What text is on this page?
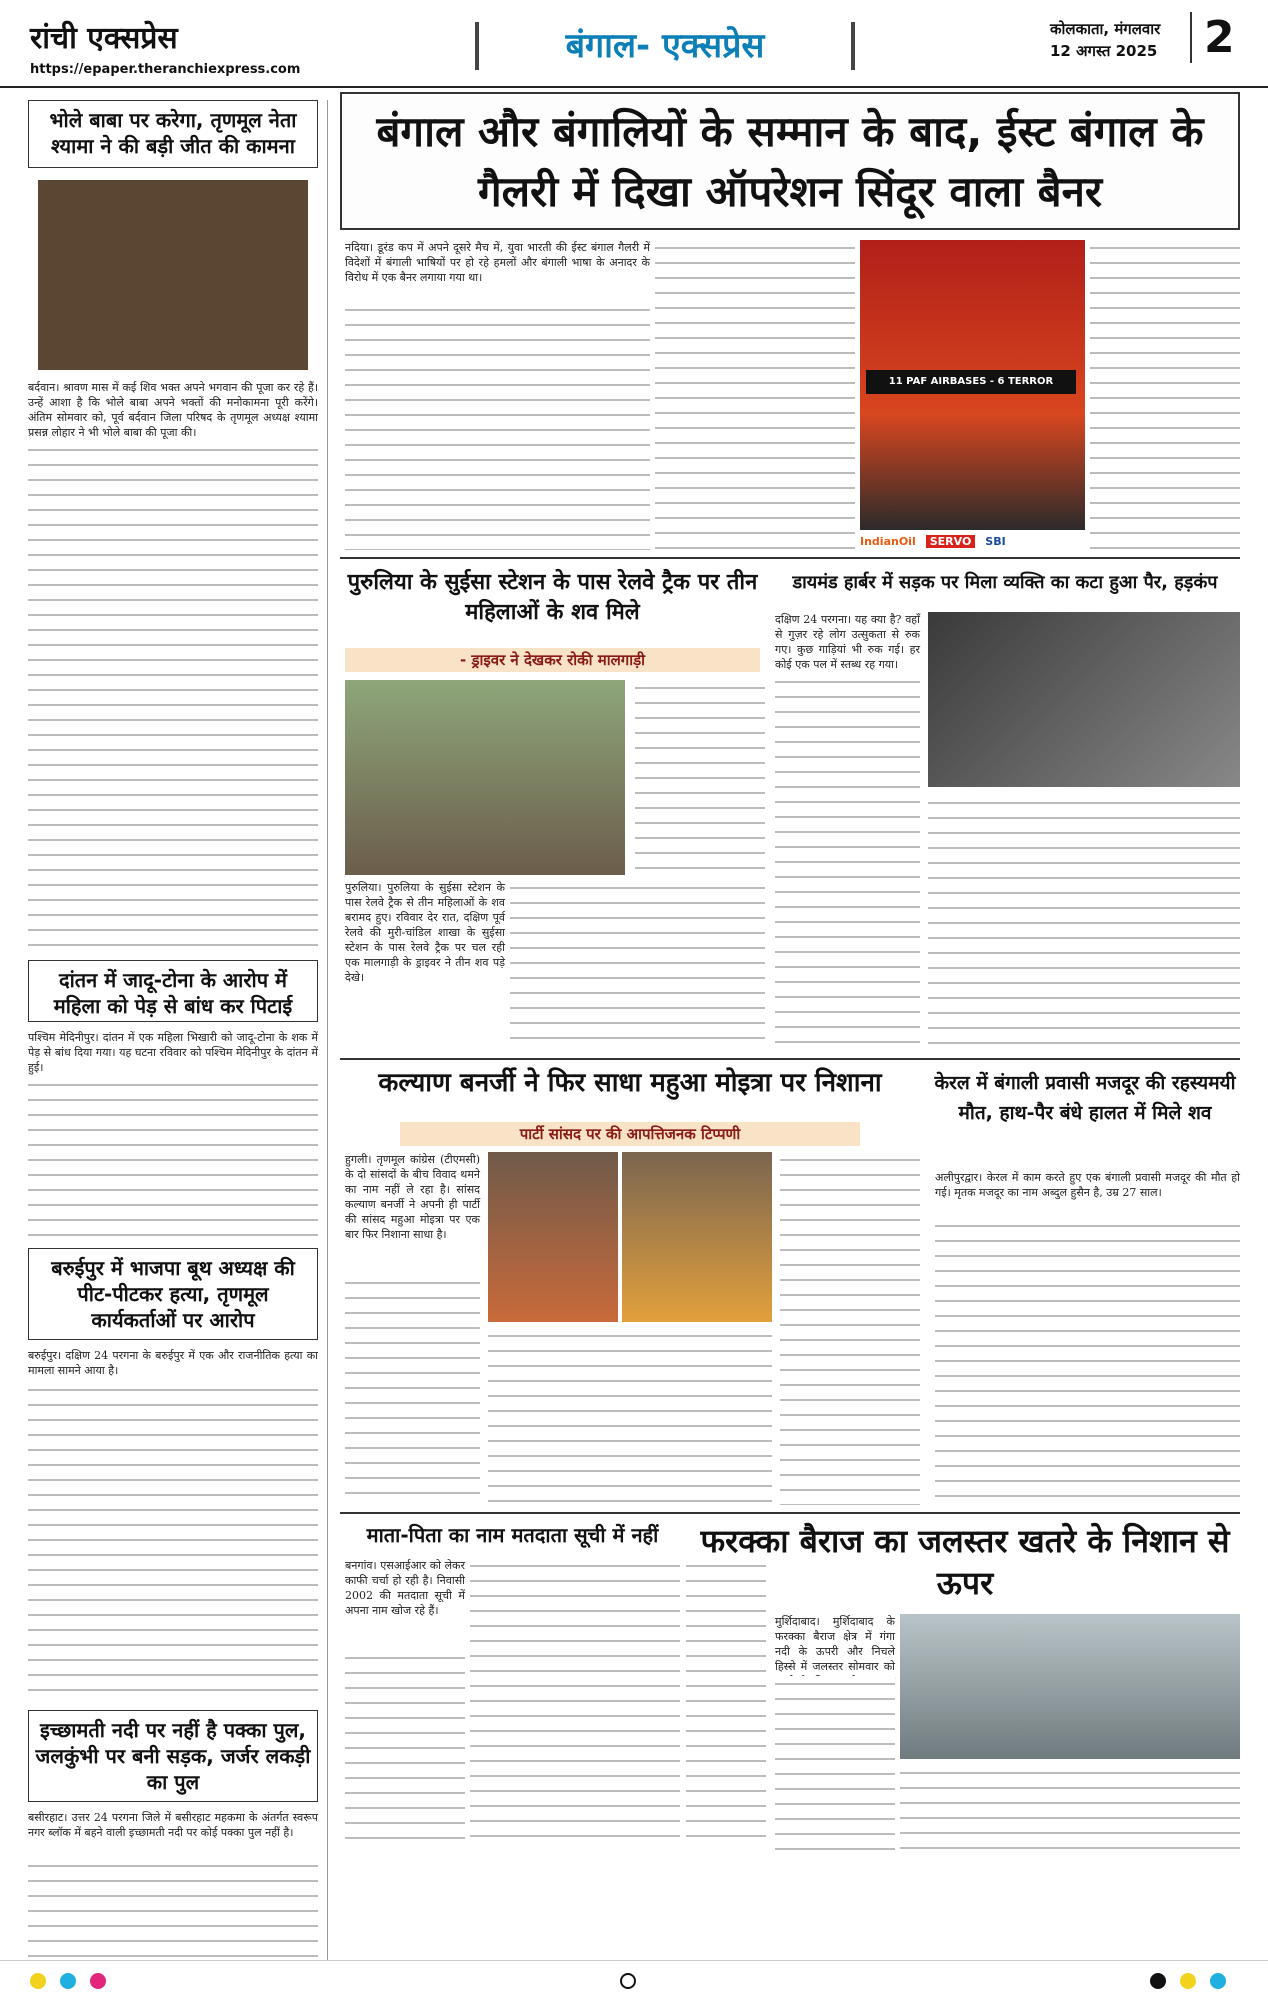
रांची एक्सप्रेस
https://epaper.theranchiexpress.com
बंगाल- एक्सप्रेस	कोलकाता, मंगलवार
12 अगस्त 2025	2
भोले बाबा पर करेगा, तृणमूल नेता श्यामा ने की बड़ी जीत की कामना
बर्दवान। श्रावण मास में कई शिव भक्त अपने भगवान की पूजा कर रहे हैं। उन्हें आशा है कि भोले बाबा अपने भक्तों की मनोकामना पूरी करेंगे। अंतिम सोमवार को, पूर्व बर्दवान जिला परिषद के तृणमूल अध्यक्ष श्यामा प्रसन्न लोहार ने भी भोले बाबा की पूजा की।
दांतन में जादू-टोना के आरोप में महिला को पेड़ से बांध कर पिटाई
पश्चिम मेदिनीपुर। दांतन में एक महिला भिखारी को जादू-टोना के शक में पेड़ से बांध दिया गया। यह घटना रविवार को पश्चिम मेदिनीपुर के दांतन में हुई।
बरुईपुर में भाजपा बूथ अध्यक्ष की पीट-पीटकर हत्या, तृणमूल कार्यकर्ताओं पर आरोप
बरुईपुर। दक्षिण 24 परगना के बरुईपुर में एक और राजनीतिक हत्या का मामला सामने आया है।
इच्छामती नदी पर नहीं है पक्का पुल, जलकुंभी पर बनी सड़क, जर्जर लकड़ी का पुल
बसीरहाट। उत्तर 24 परगना जिले में बसीरहाट महकमा के अंतर्गत स्वरूप नगर ब्लॉक में बहने वाली इच्छामती नदी पर कोई पक्का पुल नहीं है।
बंगाल और बंगालियों के सम्मान के बाद, ईस्ट बंगाल के गैलरी में दिखा ऑपरेशन सिंदूर वाला बैनर
नदिया। डूरंड कप में अपने दूसरे मैच में, युवा भारती की ईस्ट बंगाल गैलरी में विदेशों में बंगाली भाषियों पर हो रहे हमलों और बंगाली भाषा के अनादर के विरोध में एक बैनर लगाया गया था।
11 PAF AIRBASES - 6 TERROR
IndianOil	SERVO	SBI
पुरुलिया के सुईसा स्टेशन के पास रेलवे ट्रैक पर तीन महिलाओं के शव मिले
- ड्राइवर ने देखकर रोकी मालगाड़ी
पुरुलिया। पुरुलिया के सुईसा स्टेशन के पास रेलवे ट्रैक से तीन महिलाओं के शव बरामद हुए। रविवार देर रात, दक्षिण पूर्व रेलवे की मुरी-चांडिल शाखा के सुईसा स्टेशन के पास रेलवे ट्रैक पर चल रही एक मालगाड़ी के ड्राइवर ने तीन शव पड़े देखे।
डायमंड हार्बर में सड़क पर मिला व्यक्ति का कटा हुआ पैर, हड़कंप
दक्षिण 24 परगना। यह क्या है? वहाँ से गुज़र रहे लोग उत्सुकता से रुक गए। कुछ गाड़ियां भी रुक गई। हर कोई एक पल में स्तब्ध रह गया।
कल्याण बनर्जी ने फिर साधा महुआ मोइत्रा पर निशाना
पार्टी सांसद पर की आपत्तिजनक टिप्पणी
हुगली। तृणमूल कांग्रेस (टीएमसी) के दो सांसदों के बीच विवाद थमने का नाम नहीं ले रहा है। सांसद कल्याण बनर्जी ने अपनी ही पार्टी की सांसद महुआ मोइत्रा पर एक बार फिर निशाना साधा है।
केरल में बंगाली प्रवासी मजदूर की रहस्यमयी मौत, हाथ-पैर बंधे हालत में मिले शव
अलीपुरद्वार। केरल में काम करते हुए एक बंगाली प्रवासी मजदूर की मौत हो गई। मृतक मजदूर का नाम अब्दुल हुसैन है, उम्र 27 साल।
माता-पिता का नाम मतदाता सूची में नहीं
बनगांव। एसआईआर को लेकर काफी चर्चा हो रही है। निवासी 2002 की मतदाता सूची में अपना नाम खोज रहे हैं।
फरक्का बैराज का जलस्तर खतरे के निशान से ऊपर
मुर्शिदाबाद। मुर्शिदाबाद के फरक्का बैराज क्षेत्र में गंगा नदी के ऊपरी और निचले हिस्से में जलस्तर सोमवार को
